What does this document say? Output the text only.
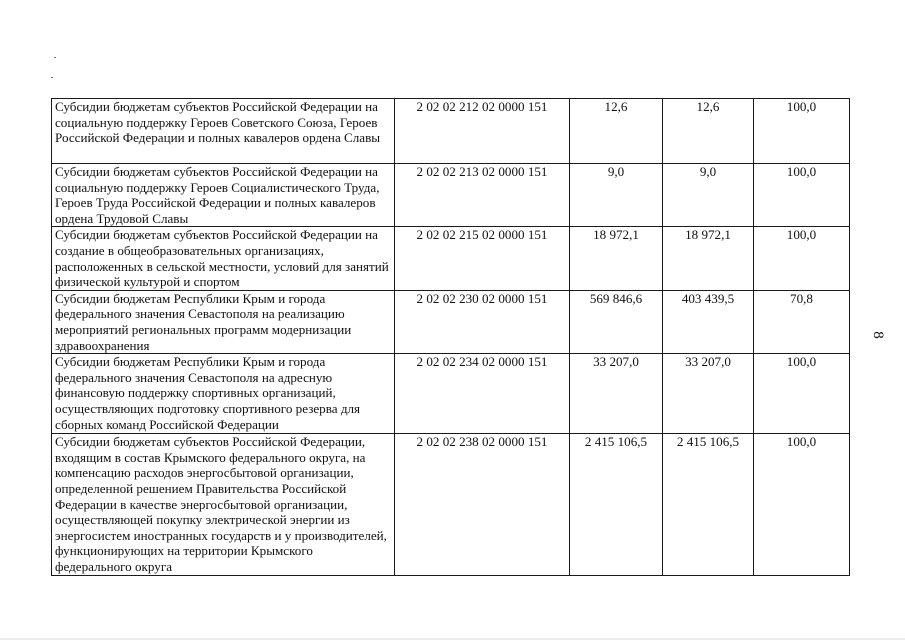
8
Субсидии бюджетам субъектов Российской Федерации на социальную поддержку Героев Советского Союза, Героев Российской Федерации и полных кавалеров ордена Славы	2 02 02 212 02 0000 151	12,6	12,6	100,0
Субсидии бюджетам субъектов Российской Федерации на социальную поддержку Героев Социалистического Труда, Героев Труда Российской Федерации и полных кавалеров ордена Трудовой Славы	2 02 02 213 02 0000 151	9,0	9,0	100,0
Субсидии бюджетам субъектов Российской Федерации на создание в общеобразовательных организациях, расположенных в сельской местности, условий для занятий физической культурой и спортом	2 02 02 215 02 0000 151	18 972,1	18 972,1	100,0
Субсидии бюджетам Республики Крым и города федерального значения Севастополя на реализацию мероприятий региональных программ модернизации здравоохранения	2 02 02 230 02 0000 151	569 846,6	403 439,5	70,8
Субсидии бюджетам Республики Крым и города федерального значения Севастополя на адресную финансовую поддержку спортивных организаций, осуществляющих подготовку спортивного резерва для сборных команд Российской Федерации	2 02 02 234 02 0000 151	33 207,0	33 207,0	100,0
Субсидии бюджетам субъектов Российской Федерации, входящим в состав Крымского федерального округа, на компенсацию расходов энергосбытовой организации, определенной решением Правительства Российской Федерации в качестве энергосбытовой организации, осуществляющей покупку электрической энергии из энергосистем иностранных государств и у производителей, функционирующих на территории Крымского федерального округа	2 02 02 238 02 0000 151	2 415 106,5	2 415 106,5	100,0
